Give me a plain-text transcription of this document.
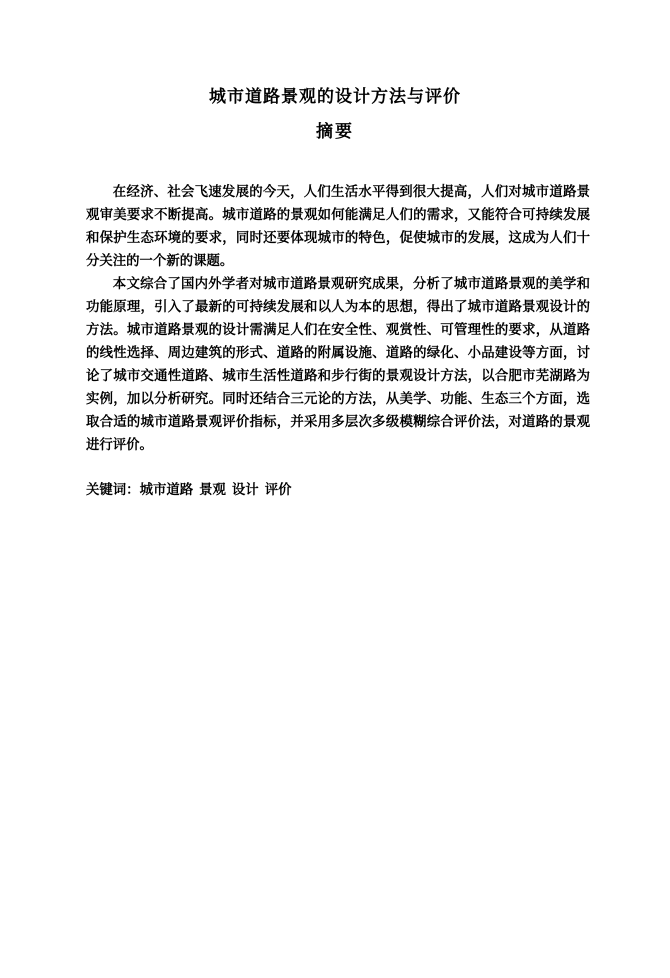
城市道路景观的设计方法与评价
摘要

在经济、社会飞速发展的今天，人们生活水平得到很大提高，人们对城市道路景观审美要求不断提高。城市道路的景观如何能满足人们的需求，又能符合可持续发展和保护生态环境的要求，同时还要体现城市的特色，促使城市的发展，这成为人们十分关注的一个新的课题。

本文综合了国内外学者对城市道路景观研究成果，分析了城市道路景观的美学和功能原理，引入了最新的可持续发展和以人为本的思想，得出了城市道路景观设计的方法。城市道路景观的设计需满足人们在安全性、观赏性、可管理性的要求，从道路的线性选择、周边建筑的形式、道路的附属设施、道路的绿化、小品建设等方面，讨论了城市交通性道路、城市生活性道路和步行街的景观设计方法，以合肥市芜湖路为实例，加以分析研究。同时还结合三元论的方法，从美学、功能、生态三个方面，选取合适的城市道路景观评价指标，并采用多层次多级模糊综合评价法，对道路的景观进行评价。

关键词：城市道路 景观 设计 评价
